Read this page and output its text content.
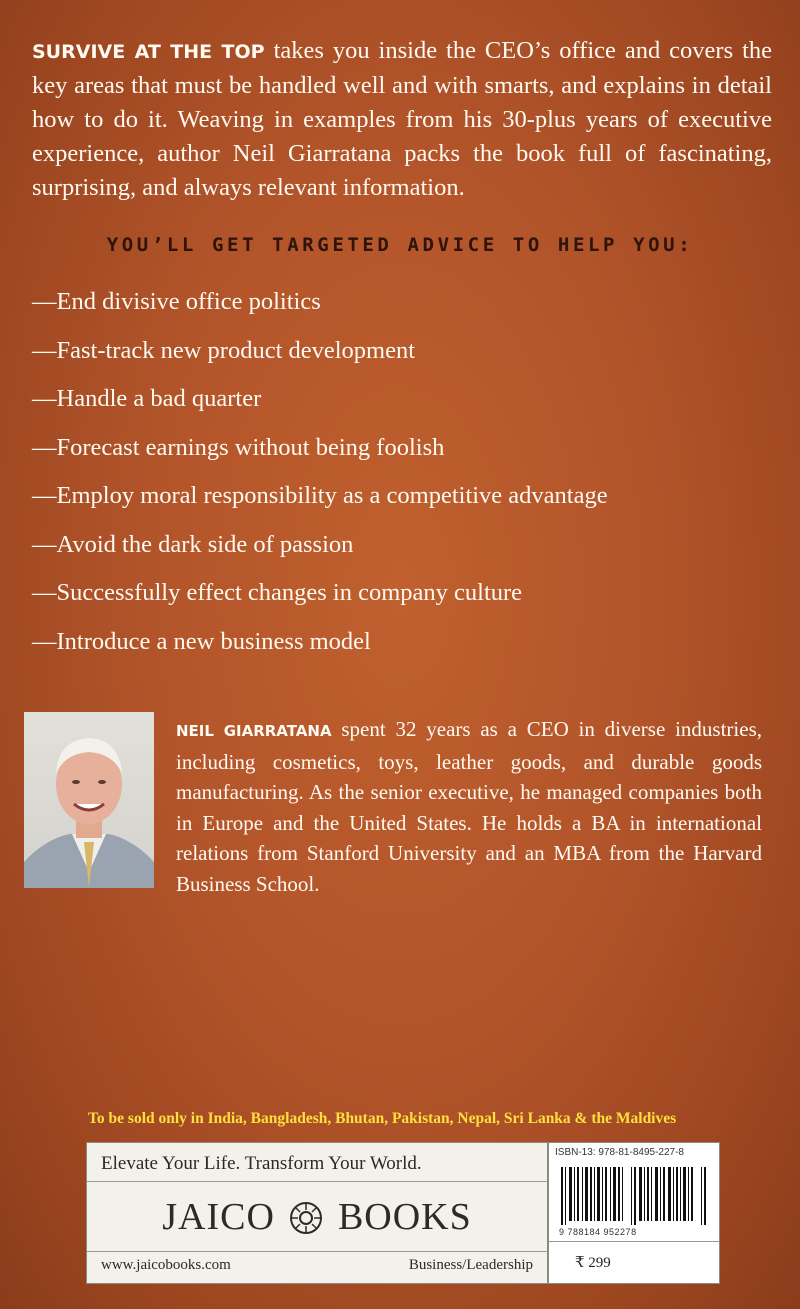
SURVIVE AT THE TOP takes you inside the CEO’s office and covers the key areas that must be handled well and with smarts, and explains in detail how to do it. Weaving in examples from his 30-plus years of executive experience, author Neil Giarratana packs the book full of fascinating, surprising, and always relevant information.
YOU’LL GET TARGETED ADVICE TO HELP YOU:
—End divisive office politics
—Fast-track new product development
—Handle a bad quarter
—Forecast earnings without being foolish
—Employ moral responsibility as a competitive advantage
—Avoid the dark side of passion
—Successfully effect changes in company culture
—Introduce a new business model
NEIL GIARRATANA spent 32 years as a CEO in diverse industries, including cosmetics, toys, leather goods, and durable goods manufacturing. As the senior executive, he managed companies both in Europe and the United States. He holds a BA in international relations from Stanford University and an MBA from the Harvard Business School.
To be sold only in India, Bangladesh, Bhutan, Pakistan, Nepal, Sri Lanka & the Maldives
Elevate Your Life. Transform Your World.
JAICO BOOKS
www.jaicobooks.com	Business/Leadership
ISBN-13: 978-81-8495-227-8
9 788184 952278
₹ 299
